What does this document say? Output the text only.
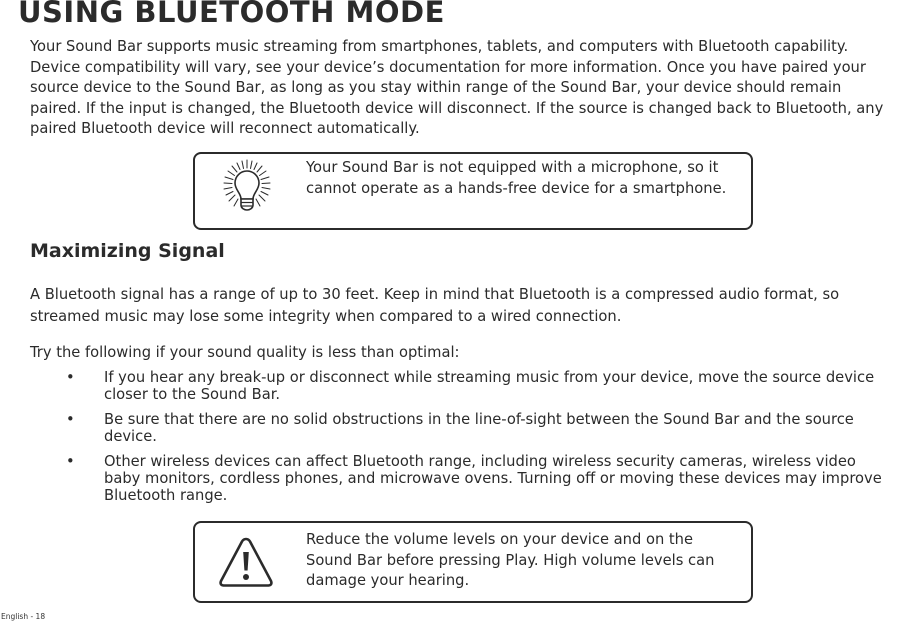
USING BLUETOOTH MODE

Your Sound Bar supports music streaming from smartphones, tablets, and computers with Bluetooth capability. Device compatibility will vary, see your device’s documentation for more information. Once you have paired your source device to the Sound Bar, as long as you stay within range of the Sound Bar, your device should remain paired. If the input is changed, the Bluetooth device will disconnect. If the source is changed back to Bluetooth, any paired Bluetooth device will reconnect automatically.

Your Sound Bar is not equipped with a microphone, so it cannot operate as a hands-free device for a smartphone.

Maximizing Signal

A Bluetooth signal has a range of up to 30 feet. Keep in mind that Bluetooth is a compressed audio format, so streamed music may lose some integrity when compared to a wired connection.

Try the following if your sound quality is less than optimal:

• If you hear any break-up or disconnect while streaming music from your device, move the source device closer to the Sound Bar.
• Be sure that there are no solid obstructions in the line-of-sight between the Sound Bar and the source device.
• Other wireless devices can affect Bluetooth range, including wireless security cameras, wireless video baby monitors, cordless phones, and microwave ovens. Turning off or moving these devices may improve Bluetooth range.

Reduce the volume levels on your device and on the Sound Bar before pressing Play. High volume levels can damage your hearing.

English - 18
